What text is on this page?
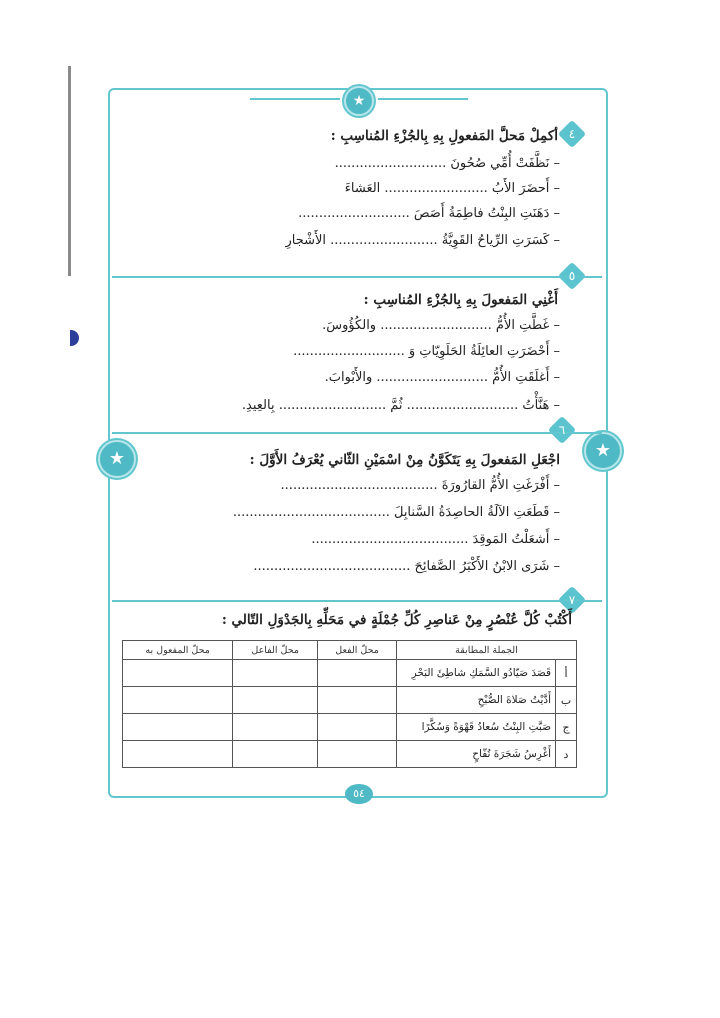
★
★	★
٤
٥
٦
٧
أكمِلْ مَحلَّ المَفعولِ بِهِ بِالجُزْءِ المُناسِبِ :
– نَظَّفَتْ أُمِّي صُحُونَ ...........................
– أَحضَرَ الأَبُ ......................... العَشاءَ
– دَهَنَتِ البِنْتُ فاطِمَةُ أَصَصَ ...........................
– كَسَرَتِ الرِّياحُ القَوِيَّةُ .......................... الأَشْجارِ
أَغْنِي المَفعولَ بِهِ بِالجُزْءِ المُناسِبِ :
– غَطَّتِ الأُمُّ ........................... والكُؤُوسَ.
– أَحْضَرَتِ العائِلَةُ الحَلَوِيّاتِ وَ ...........................
– أَغلَقَتِ الأُمُّ ........................... والأَبْوابَ.
– هَنَّأْتُ ........................... ثُمَّ .......................... بِالعِيدِ.
اجْعَلِ المَفعولَ بِهِ يَتَكَوَّنُ مِنْ اسْمَيْنِ الثّاني يُعْرَفُ الأَوَّلَ :
– أَفْرَغَتِ الأُمُّ القارُورَةَ ......................................
– قَطَعَتِ الآلَةُ الحاصِدَةُ السَّنابِلَ ......................................
– أَشعَلْتُ المَوقِدَ ......................................
– شَرَى الابْنُ الأَكْبَرُ الصَّفائِحَ ......................................
أَكْتُبْ كُلَّ عُنْصُرٍ مِنْ عَناصِرِ كُلِّ جُمْلَةٍ في مَحَلِّهِ بِالجَدْوَلِ التّالي :
الجملة المطابقة		محلّ الفعل	محلّ الفاعل	محلّ المفعول به
أ	قَصَدَ صَيّادُو السَّمَكِ شاطِئَ البَحْرِ			
ب	أَدَّيْتُ صَلاةَ الصُّبْحِ			
ج	صَبَّتِ البِنْتُ سُعادُ قَهْوَةً وَسُكَّرًا			
د	أَغْرِسُ شَجَرَةَ تُفّاحٍ			
٥٤
